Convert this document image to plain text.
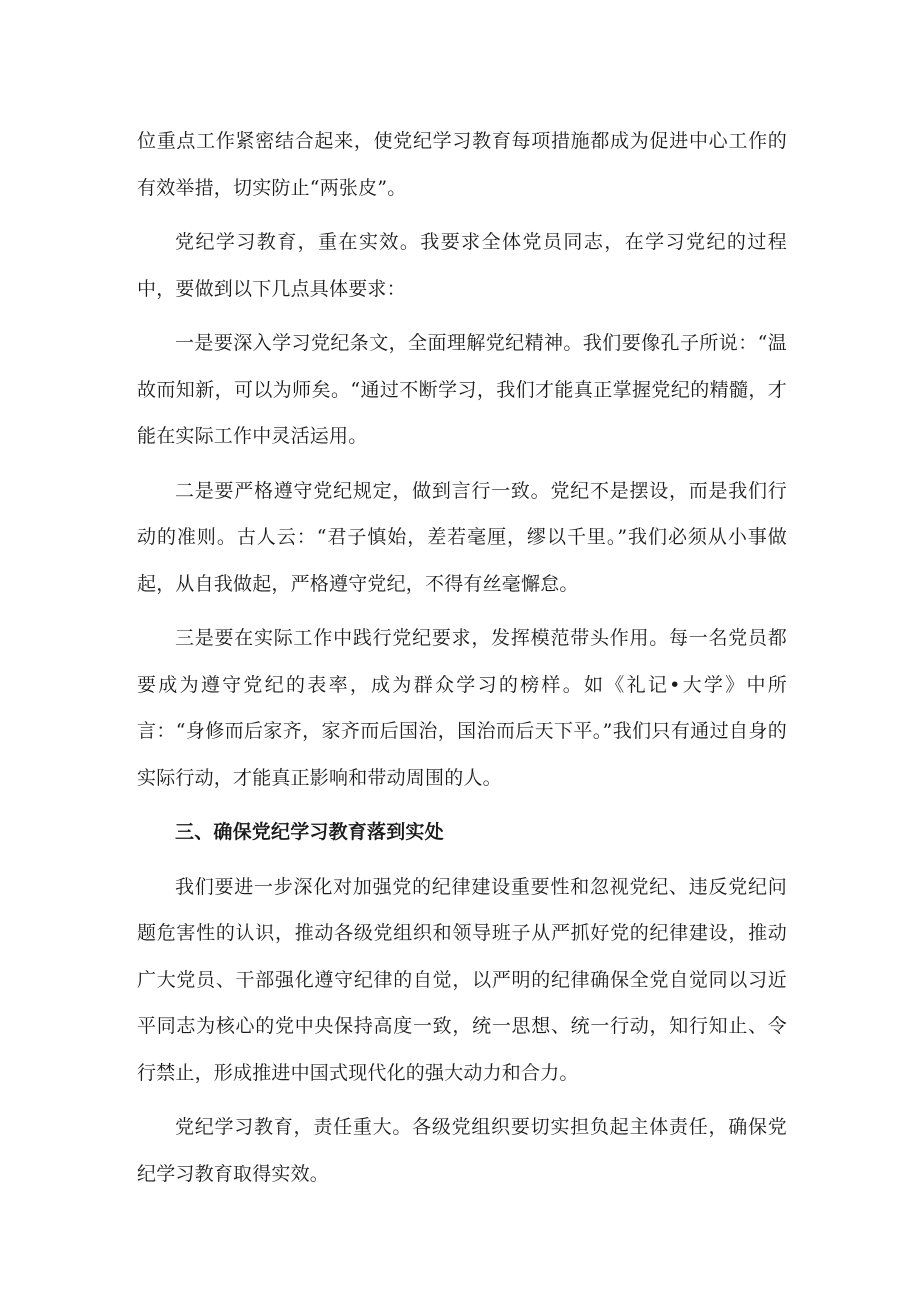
位重点工作紧密结合起来，使党纪学习教育每项措施都成为促进中心工作的有效举措，切实防止“两张皮”。

党纪学习教育，重在实效。我要求全体党员同志，在学习党纪的过程中，要做到以下几点具体要求：

一是要深入学习党纪条文，全面理解党纪精神。我们要像孔子所说：“温故而知新，可以为师矣。“通过不断学习，我们才能真正掌握党纪的精髓，才能在实际工作中灵活运用。

二是要严格遵守党纪规定，做到言行一致。党纪不是摆设，而是我们行动的准则。古人云：“君子慎始，差若毫厘，缪以千里。”我们必须从小事做起，从自我做起，严格遵守党纪，不得有丝毫懈怠。

三是要在实际工作中践行党纪要求，发挥模范带头作用。每一名党员都要成为遵守党纪的表率，成为群众学习的榜样。如《礼记•大学》中所言：“身修而后家齐，家齐而后国治，国治而后天下平。”我们只有通过自身的实际行动，才能真正影响和带动周围的人。

三、确保党纪学习教育落到实处

我们要进一步深化对加强党的纪律建设重要性和忽视党纪、违反党纪问题危害性的认识，推动各级党组织和领导班子从严抓好党的纪律建设，推动广大党员、干部强化遵守纪律的自觉，以严明的纪律确保全党自觉同以习近平同志为核心的党中央保持高度一致，统一思想、统一行动，知行知止、令行禁止，形成推进中国式现代化的强大动力和合力。

党纪学习教育，责任重大。各级党组织要切实担负起主体责任，确保党纪学习教育取得实效。
